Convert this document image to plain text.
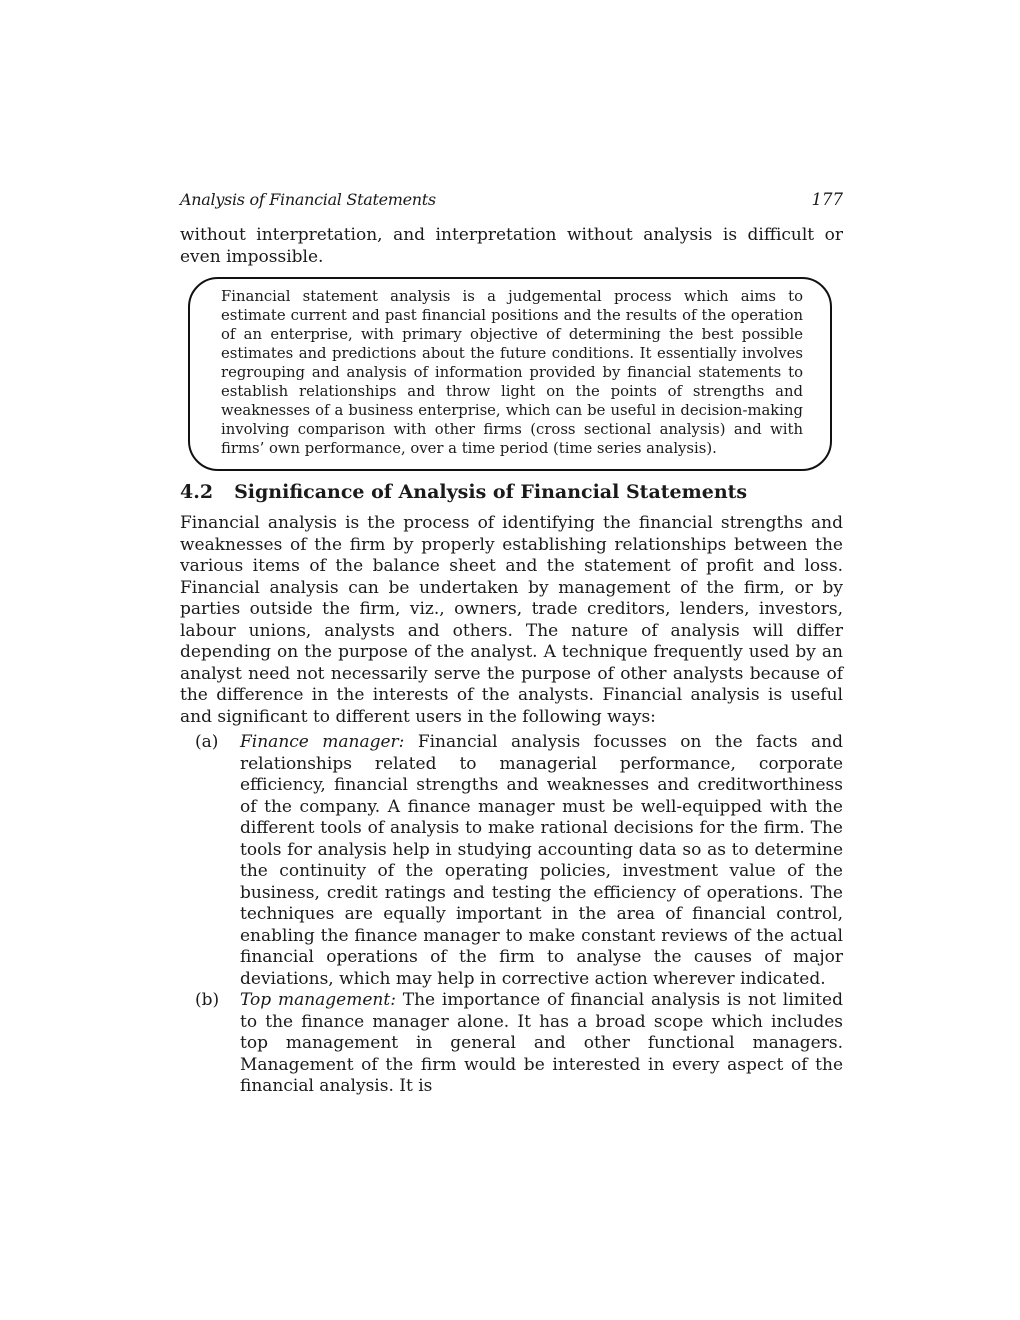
Analysis of Financial Statements	177

without interpretation, and interpretation without analysis is difficult or even impossible.

Financial statement analysis is a judgemental process which aims to estimate current and past financial positions and the results of the operation of an enterprise, with primary objective of determining the best possible estimates and predictions about the future conditions. It essentially involves regrouping and analysis of information provided by financial statements to establish relationships and throw light on the points of strengths and weaknesses of a business enterprise, which can be useful in decision-making involving comparison with other firms (cross sectional analysis) and with firms’ own performance, over a time period (time series analysis).

4.2 Significance of Analysis of Financial Statements

Financial analysis is the process of identifying the financial strengths and weaknesses of the firm by properly establishing relationships between the various items of the balance sheet and the statement of profit and loss. Financial analysis can be undertaken by management of the firm, or by parties outside the firm, viz., owners, trade creditors, lenders, investors, labour unions, analysts and others. The nature of analysis will differ depending on the purpose of the analyst. A technique frequently used by an analyst need not necessarily serve the purpose of other analysts because of the difference in the interests of the analysts. Financial analysis is useful and significant to different users in the following ways:

(a) Finance manager: Financial analysis focusses on the facts and relationships related to managerial performance, corporate efficiency, financial strengths and weaknesses and creditworthiness of the company. A finance manager must be well-equipped with the different tools of analysis to make rational decisions for the firm. The tools for analysis help in studying accounting data so as to determine the continuity of the operating policies, investment value of the business, credit ratings and testing the efficiency of operations. The techniques are equally important in the area of financial control, enabling the finance manager to make constant reviews of the actual financial operations of the firm to analyse the causes of major deviations, which may help in corrective action wherever indicated.
(b) Top management: The importance of financial analysis is not limited to the finance manager alone. It has a broad scope which includes top management in general and other functional managers. Management of the firm would be interested in every aspect of the financial analysis. It is
